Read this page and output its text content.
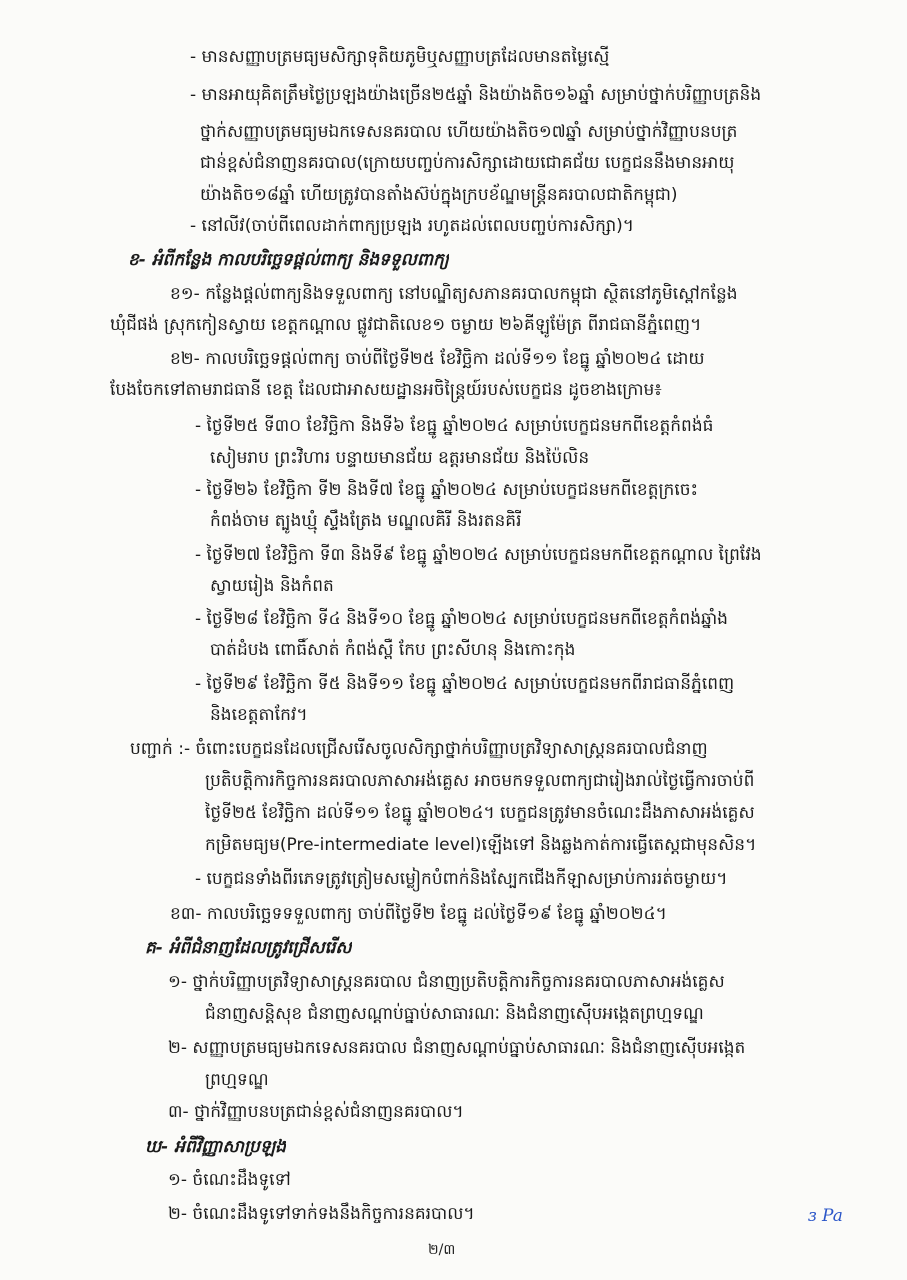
- មានសញ្ញាបត្រមធ្យមសិក្សាទុតិយភូមិឬសញ្ញាបត្រដែលមានតម្លៃស្មើ
- មានអាយុគិតត្រឹមថ្ងៃប្រឡងយ៉ាងច្រើន២៥ឆ្នាំ និងយ៉ាងតិច១៦ឆ្នាំ សម្រាប់ថ្នាក់បរិញ្ញាបត្រនិង
ថ្នាក់សញ្ញាបត្រមធ្យមឯកទេសនគរបាល ហើយយ៉ាងតិច១៧ឆ្នាំ សម្រាប់ថ្នាក់វិញ្ញាបនបត្រ
ជាន់ខ្ពស់ជំនាញនគរបាល(ក្រោយបញ្ចប់ការសិក្សាដោយជោគជ័យ បេក្ខជននឹងមានអាយុ
យ៉ាងតិច១៨ឆ្នាំ ហើយត្រូវបានតាំងស៊ប់ក្នុងក្របខ័ណ្ឌមន្ត្រីនគរបាលជាតិកម្ពុជា)
- នៅលីវ(ចាប់ពីពេលដាក់ពាក្យប្រឡង រហូតដល់ពេលបញ្ចប់ការសិក្សា)។
ខ- អំពីកន្លែង កាលបរិច្ឆេទផ្តល់ពាក្យ និងទទួលពាក្យ
ខ១- កន្លែងផ្តល់ពាក្យនិងទទួលពាក្យ នៅបណ្ឌិត្យសភានគរបាលកម្ពុជា ស្ថិតនៅភូមិស្ពៅកន្លែង
ឃុំជីផង់ ស្រុកកៀនស្វាយ ខេត្តកណ្តាល ផ្លូវជាតិលេខ១ ចម្ងាយ ២៦គីឡូម៉ែត្រ ពីរាជធានីភ្នំពេញ។
ខ២- កាលបរិច្ឆេទផ្តល់ពាក្យ ចាប់ពីថ្ងៃទី២៥ ខែវិច្ឆិកា ដល់ទី១១ ខែធ្នូ ឆ្នាំ២០២៤ ដោយ
បែងចែកទៅតាមរាជធានី ខេត្ត ដែលជាអាសយដ្ឋានអចិន្ត្រៃយ៍របស់បេក្ខជន ដូចខាងក្រោម៖
- ថ្ងៃទី២៥ ទី៣០ ខែវិច្ឆិកា និងទី៦ ខែធ្នូ ឆ្នាំ២០២៤ សម្រាប់បេក្ខជនមកពីខេត្តកំពង់ធំ
សៀមរាប ព្រះវិហារ បន្ទាយមានជ័យ ឧត្តរមានជ័យ និងប៉ៃលិន
- ថ្ងៃទី២៦ ខែវិច្ឆិកា ទី២ និងទី៧ ខែធ្នូ ឆ្នាំ២០២៤ សម្រាប់បេក្ខជនមកពីខេត្តក្រចេះ
កំពង់ចាម ត្បូងឃ្មុំ ស្ទឹងត្រែង មណ្ឌលគិរី និងរតនគិរី
- ថ្ងៃទី២៧ ខែវិច្ឆិកា ទី៣ និងទី៩ ខែធ្នូ ឆ្នាំ២០២៤ សម្រាប់បេក្ខជនមកពីខេត្តកណ្តាល ព្រៃវែង
ស្វាយរៀង និងកំពត
- ថ្ងៃទី២៨ ខែវិច្ឆិកា ទី៤ និងទី១០ ខែធ្នូ ឆ្នាំ២០២៤ សម្រាប់បេក្ខជនមកពីខេត្តកំពង់ឆ្នាំង
បាត់ដំបង ពោធិ៍សាត់ កំពង់ស្ពឺ កែប ព្រះសីហនុ និងកោះកុង
- ថ្ងៃទី២៩ ខែវិច្ឆិកា ទី៥ និងទី១១ ខែធ្នូ ឆ្នាំ២០២៤ សម្រាប់បេក្ខជនមកពីរាជធានីភ្នំពេញ
និងខេត្តតាកែវ។
បញ្ជាក់ :- ចំពោះបេក្ខជនដែលជ្រើសរើសចូលសិក្សាថ្នាក់បរិញ្ញាបត្រវិទ្យាសាស្ត្រនគរបាលជំនាញ
ប្រតិបត្តិការកិច្ចការនគរបាលភាសាអង់គ្លេស អាចមកទទួលពាក្យជារៀងរាល់ថ្ងៃធ្វើការចាប់ពី
ថ្ងៃទី២៥ ខែវិច្ឆិកា ដល់ទី១១ ខែធ្នូ ឆ្នាំ២០២៤។ បេក្ខជនត្រូវមានចំណេះដឹងភាសាអង់គ្លេស
កម្រិតមធ្យម(Pre-intermediate level)ឡើងទៅ និងឆ្លងកាត់ការធ្វើតេស្តជាមុនសិន។
- បេក្ខជនទាំងពីរភេទត្រូវត្រៀមសម្លៀកបំពាក់និងស្បែកជើងកីឡាសម្រាប់ការរត់ចម្ងាយ។
ខ៣- កាលបរិច្ឆេទទទួលពាក្យ ចាប់ពីថ្ងៃទី២ ខែធ្នូ ដល់ថ្ងៃទី១៩ ខែធ្នូ ឆ្នាំ២០២៤។
គ- អំពីជំនាញដែលត្រូវជ្រើសរើស
១- ថ្នាក់បរិញ្ញាបត្រវិទ្យាសាស្ត្រនគរបាល ជំនាញប្រតិបត្តិការកិច្ចការនគរបាលភាសាអង់គ្លេស
ជំនាញសន្តិសុខ ជំនាញសណ្តាប់ធ្នាប់សាធារណៈ និងជំនាញស៊ើបអង្កេតព្រហ្មទណ្ឌ
២- សញ្ញាបត្រមធ្យមឯកទេសនគរបាល ជំនាញសណ្តាប់ធ្នាប់សាធារណៈ និងជំនាញស៊ើបអង្កេត
ព្រហ្មទណ្ឌ
៣- ថ្នាក់វិញ្ញាបនបត្រជាន់ខ្ពស់ជំនាញនគរបាល។
ឃ- អំពីវិញ្ញាសាប្រឡង
១- ចំណេះដឹងទូទៅ
២- ចំណេះដឹងទូទៅទាក់ទងនឹងកិច្ចការនគរបាល។	ɜ Pa
២/៣
